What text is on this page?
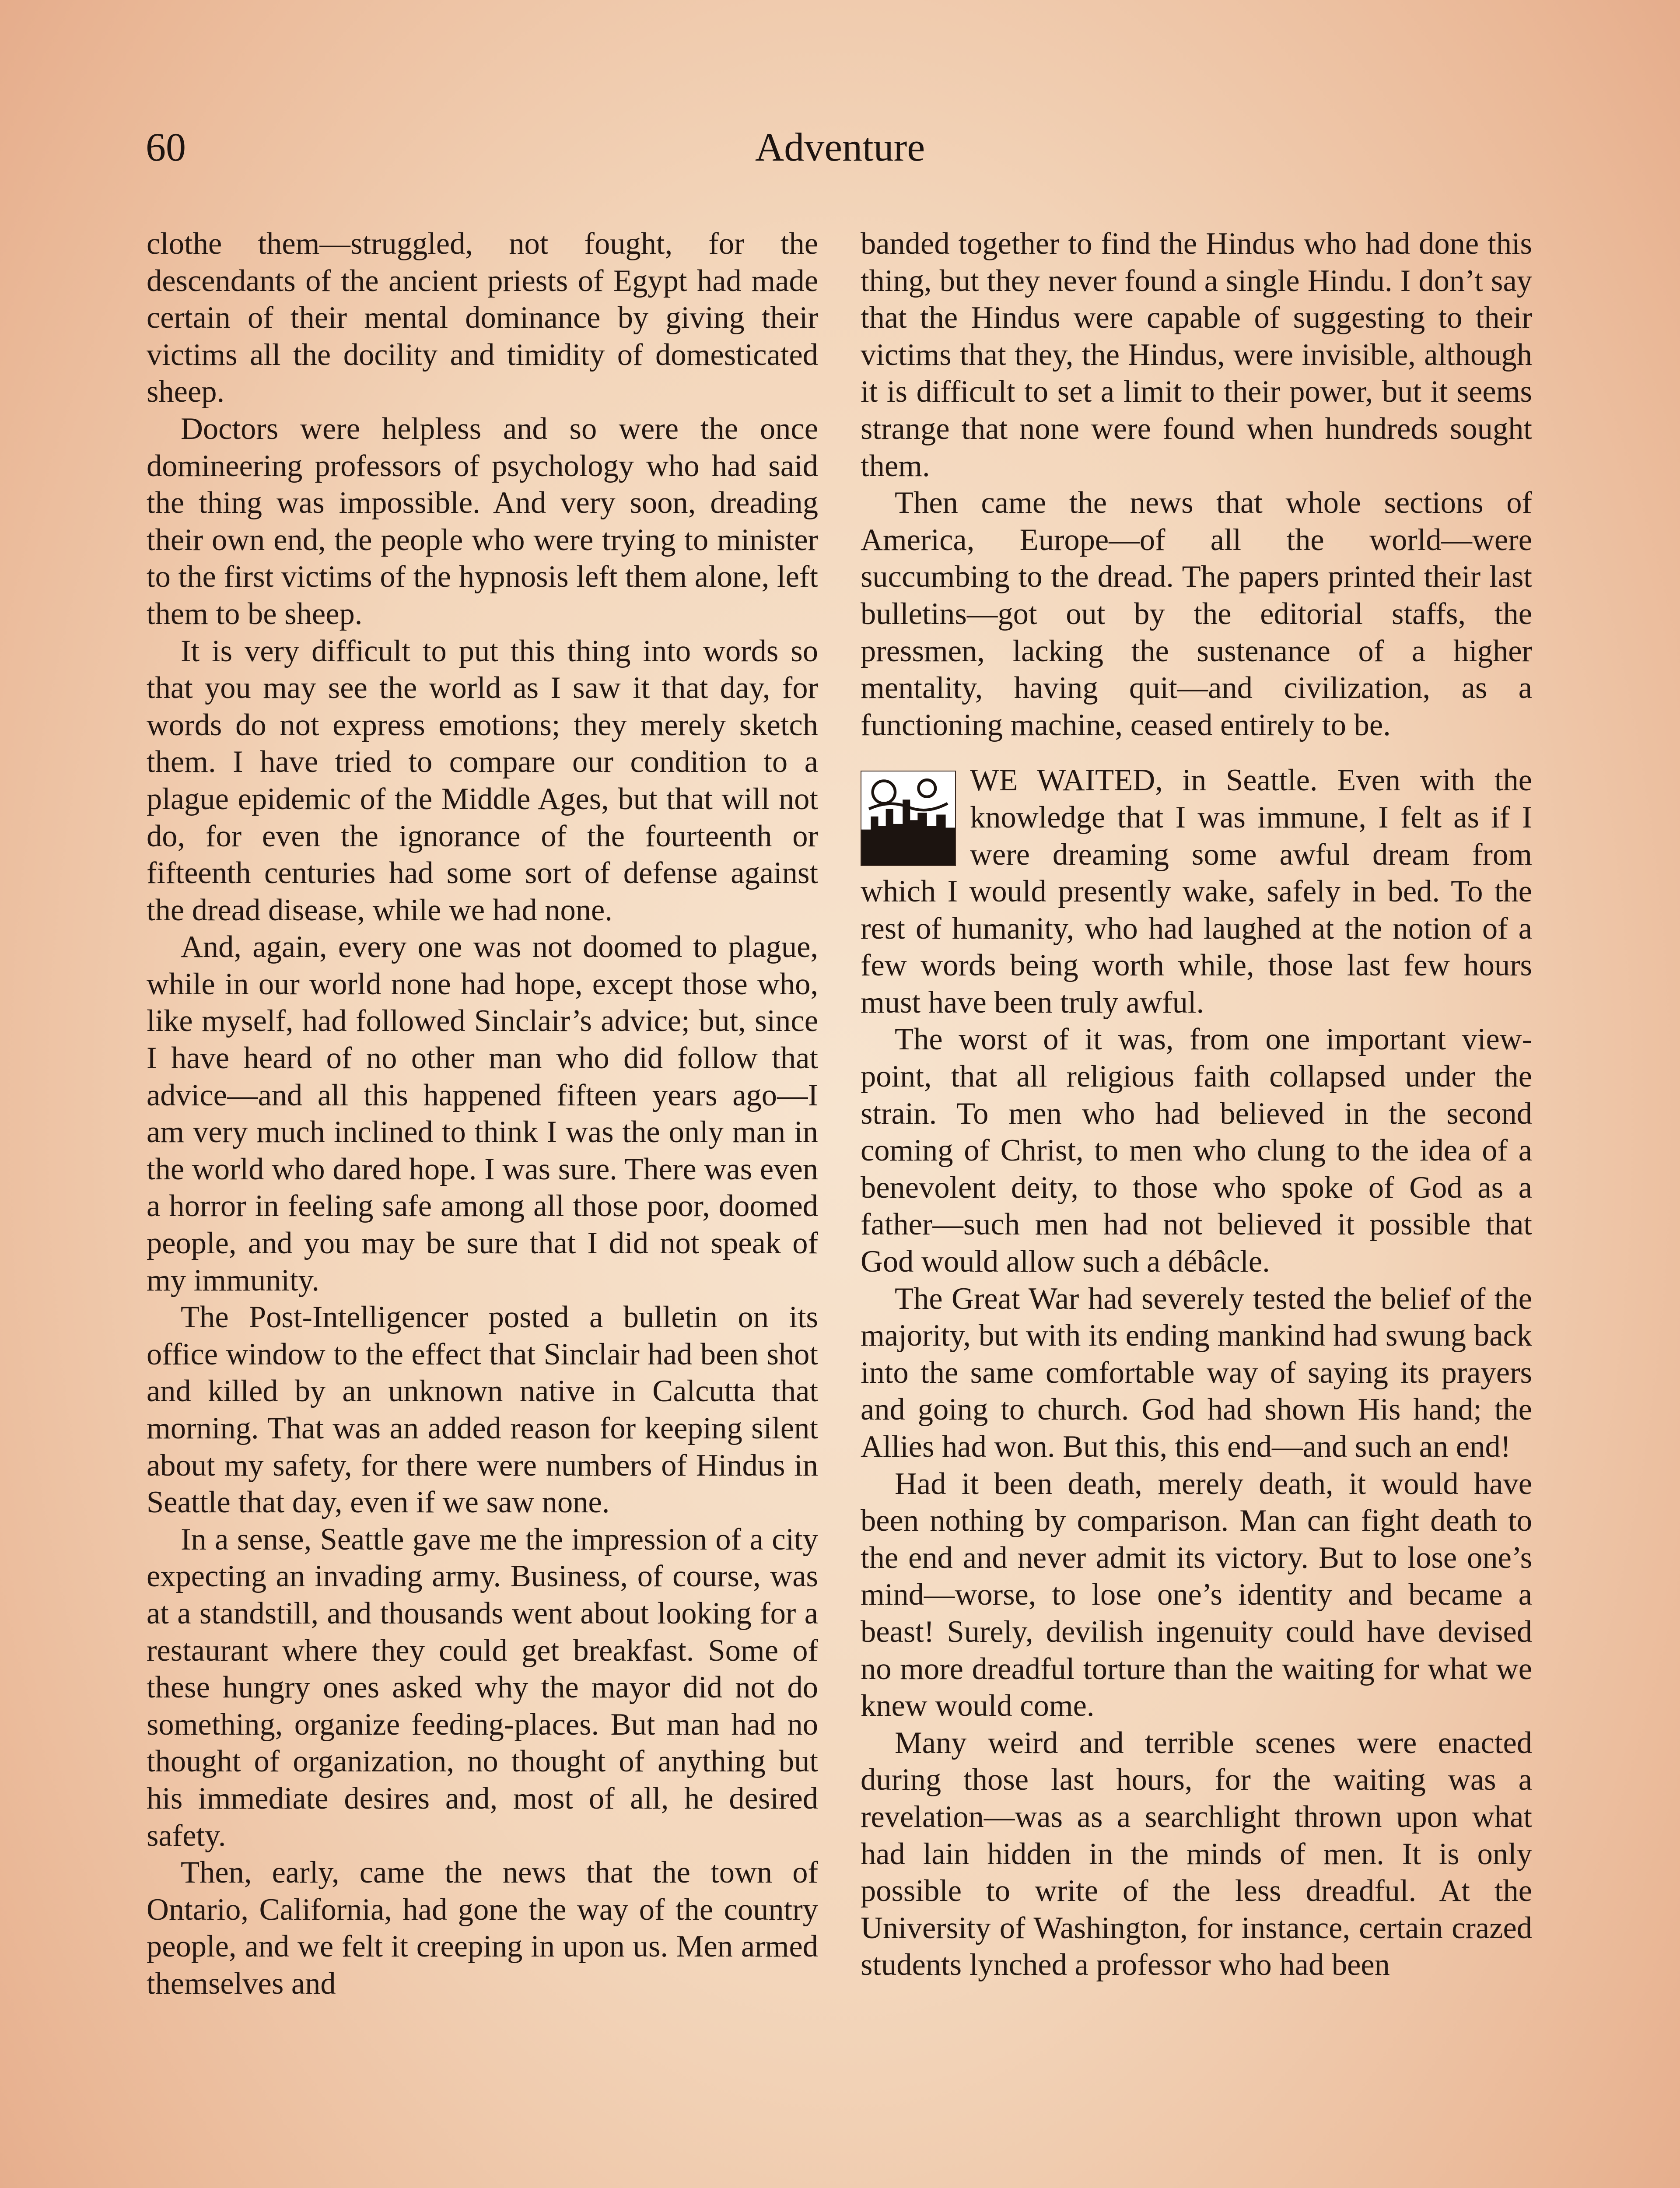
60	Adventure

clothe them—struggled, not fought, for the descendants of the ancient priests of Egypt had made certain of their mental dominance by giving their victims all the docility and timidity of domesticated sheep.

Doctors were helpless and so were the once domineering professors of psychology who had said the thing was impossible. And very soon, dreading their own end, the people who were trying to minister to the first victims of the hypnosis left them alone, left them to be sheep.

It is very difficult to put this thing into words so that you may see the world as I saw it that day, for words do not express emotions; they merely sketch them. I have tried to compare our condition to a plague epidemic of the Middle Ages, but that will not do, for even the ignorance of the fourteenth or fifteenth centuries had some sort of defense against the dread disease, while we had none.

And, again, every one was not doomed to plague, while in our world none had hope, except those who, like myself, had followed Sinclair’s advice; but, since I have heard of no other man who did follow that advice—and all this happened fifteen years ago—I am very much inclined to think I was the only man in the world who dared hope. I was sure. There was even a horror in feeling safe among all those poor, doomed people, and you may be sure that I did not speak of my immunity.

The Post-Intelligencer posted a bulletin on its office window to the effect that Sinclair had been shot and killed by an unknown native in Calcutta that morning. That was an added reason for keeping silent about my safety, for there were numbers of Hindus in Seattle that day, even if we saw none.

In a sense, Seattle gave me the impression of a city expecting an invading army. Business, of course, was at a standstill, and thousands went about looking for a restaurant where they could get breakfast. Some of these hungry ones asked why the mayor did not do something, organize feeding-places. But man had no thought of organization, no thought of anything but his immediate desires and, most of all, he desired safety.

Then, early, came the news that the town of Ontario, California, had gone the way of the country people, and we felt it creeping in upon us. Men armed themselves and

banded together to find the Hindus who had done this thing, but they never found a single Hindu. I don’t say that the Hindus were capable of suggesting to their victims that they, the Hindus, were invisible, although it is difficult to set a limit to their power, but it seems strange that none were found when hundreds sought them.

Then came the news that whole sections of America, Europe—of all the world—were succumbing to the dread. The papers printed their last bulletins—got out by the editorial staffs, the pressmen, lacking the sustenance of a higher mentality, having quit—and civilization, as a functioning machine, ceased entirely to be.

WE WAITED, in Seattle. Even with the knowledge that I was immune, I felt as if I were dreaming some awful dream from which I would presently wake, safely in bed. To the rest of humanity, who had laughed at the notion of a few words being worth while, those last few hours must have been truly awful.

The worst of it was, from one important view-point, that all religious faith collapsed under the strain. To men who had believed in the second coming of Christ, to men who clung to the idea of a benevolent deity, to those who spoke of God as a father—such men had not believed it possible that God would allow such a débâcle.

The Great War had severely tested the belief of the majority, but with its ending mankind had swung back into the same comfortable way of saying its prayers and going to church. God had shown His hand; the Allies had won. But this, this end—and such an end!

Had it been death, merely death, it would have been nothing by comparison. Man can fight death to the end and never admit its victory. But to lose one’s mind—worse, to lose one’s identity and became a beast! Surely, devilish ingenuity could have devised no more dreadful torture than the waiting for what we knew would come.

Many weird and terrible scenes were enacted during those last hours, for the waiting was a revelation—was as a searchlight thrown upon what had lain hidden in the minds of men. It is only possible to write of the less dreadful. At the University of Washington, for instance, certain crazed students lynched a professor who had been
